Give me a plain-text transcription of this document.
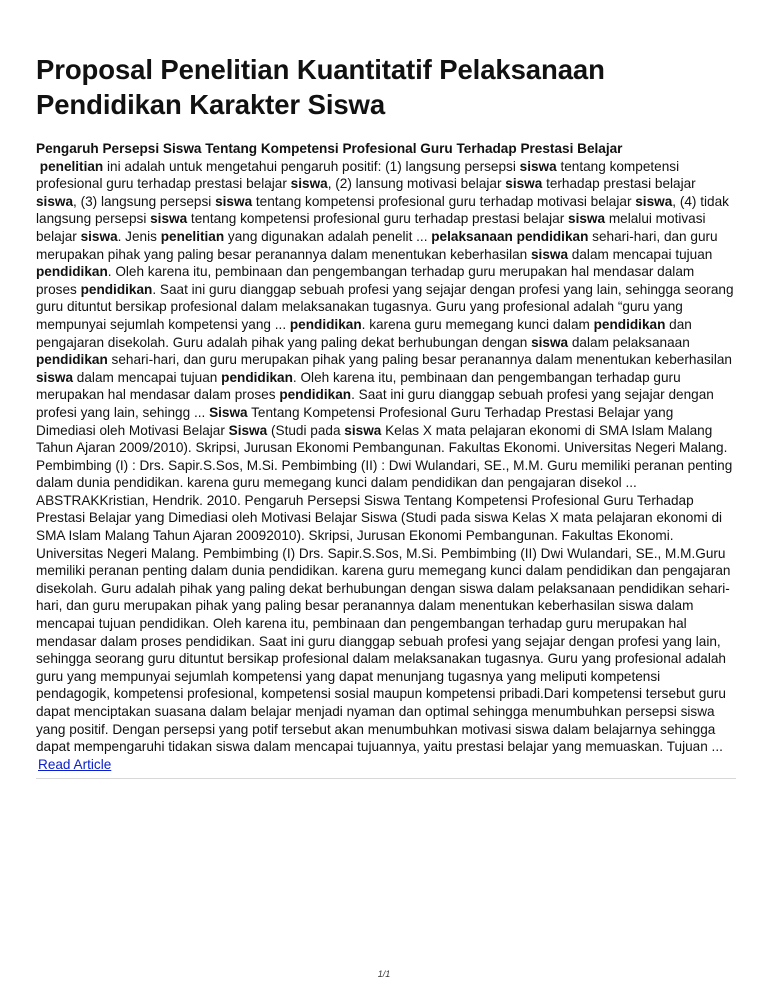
Proposal Penelitian Kuantitatif Pelaksanaan Pendidikan Karakter Siswa
Pengaruh Persepsi Siswa Tentang Kompetensi Profesional Guru Terhadap Prestasi Belajar
penelitian ini adalah untuk mengetahui pengaruh positif: (1) langsung persepsi siswa tentang kompetensi profesional guru terhadap prestasi belajar siswa, (2) lansung motivasi belajar siswa terhadap prestasi belajar siswa, (3) langsung persepsi siswa tentang kompetensi profesional guru terhadap motivasi belajar siswa, (4) tidak langsung persepsi siswa tentang kompetensi profesional guru terhadap prestasi belajar siswa melalui motivasi belajar siswa. Jenis penelitian yang digunakan adalah penelit ... pelaksanaan pendidikan sehari-hari, dan guru merupakan pihak yang paling besar peranannya dalam menentukan keberhasilan siswa dalam mencapai tujuan pendidikan. Oleh karena itu, pembinaan dan pengembangan terhadap guru merupakan hal mendasar dalam proses pendidikan. Saat ini guru dianggap sebuah profesi yang sejajar dengan profesi yang lain, sehingga seorang guru dituntut bersikap profesional dalam melaksanakan tugasnya. Guru yang profesional adalah “guru yang mempunyai sejumlah kompetensi yang ... pendidikan. karena guru memegang kunci dalam pendidikan dan pengajaran disekolah. Guru adalah pihak yang paling dekat berhubungan dengan siswa dalam pelaksanaan pendidikan sehari-hari, dan guru merupakan pihak yang paling besar peranannya dalam menentukan keberhasilan siswa dalam mencapai tujuan pendidikan. Oleh karena itu, pembinaan dan pengembangan terhadap guru merupakan hal mendasar dalam proses pendidikan. Saat ini guru dianggap sebuah profesi yang sejajar dengan profesi yang lain, sehingg ... Siswa Tentang Kompetensi Profesional Guru Terhadap Prestasi Belajar yang Dimediasi oleh Motivasi Belajar Siswa (Studi pada siswa Kelas X mata pelajaran ekonomi di SMA Islam Malang Tahun Ajaran 2009/2010). Skripsi, Jurusan Ekonomi Pembangunan. Fakultas Ekonomi. Universitas Negeri Malang. Pembimbing (I) : Drs. Sapir.S.Sos, M.Si. Pembimbing (II) : Dwi Wulandari, SE., M.M. Guru memiliki peranan penting dalam dunia pendidikan. karena guru memegang kunci dalam pendidikan dan pengajaran disekol ...
ABSTRAKKristian, Hendrik. 2010. Pengaruh Persepsi Siswa Tentang Kompetensi Profesional Guru Terhadap Prestasi Belajar yang Dimediasi oleh Motivasi Belajar Siswa (Studi pada siswa Kelas X mata pelajaran ekonomi di SMA Islam Malang Tahun Ajaran 20092010). Skripsi, Jurusan Ekonomi Pembangunan. Fakultas Ekonomi. Universitas Negeri Malang. Pembimbing (I) Drs. Sapir.S.Sos, M.Si. Pembimbing (II) Dwi Wulandari, SE., M.M.Guru memiliki peranan penting dalam dunia pendidikan. karena guru memegang kunci dalam pendidikan dan pengajaran disekolah. Guru adalah pihak yang paling dekat berhubungan dengan siswa dalam pelaksanaan pendidikan sehari-hari, dan guru merupakan pihak yang paling besar peranannya dalam menentukan keberhasilan siswa dalam mencapai tujuan pendidikan. Oleh karena itu, pembinaan dan pengembangan terhadap guru merupakan hal mendasar dalam proses pendidikan. Saat ini guru dianggap sebuah profesi yang sejajar dengan profesi yang lain, sehingga seorang guru dituntut bersikap profesional dalam melaksanakan tugasnya. Guru yang profesional adalah guru yang mempunyai sejumlah kompetensi yang dapat menunjang tugasnya yang meliputi kompetensi pendagogik, kompetensi profesional, kompetensi sosial maupun kompetensi pribadi.Dari kompetensi tersebut guru dapat menciptakan suasana dalam belajar menjadi nyaman dan optimal sehingga menumbuhkan persepsi siswa yang positif. Dengan persepsi yang potif tersebut akan menumbuhkan motivasi siswa dalam belajarnya sehingga dapat mempengaruhi tidakan siswa dalam mencapai tujuannya, yaitu prestasi belajar yang memuaskan. Tujuan ...
Read Article
1/1
